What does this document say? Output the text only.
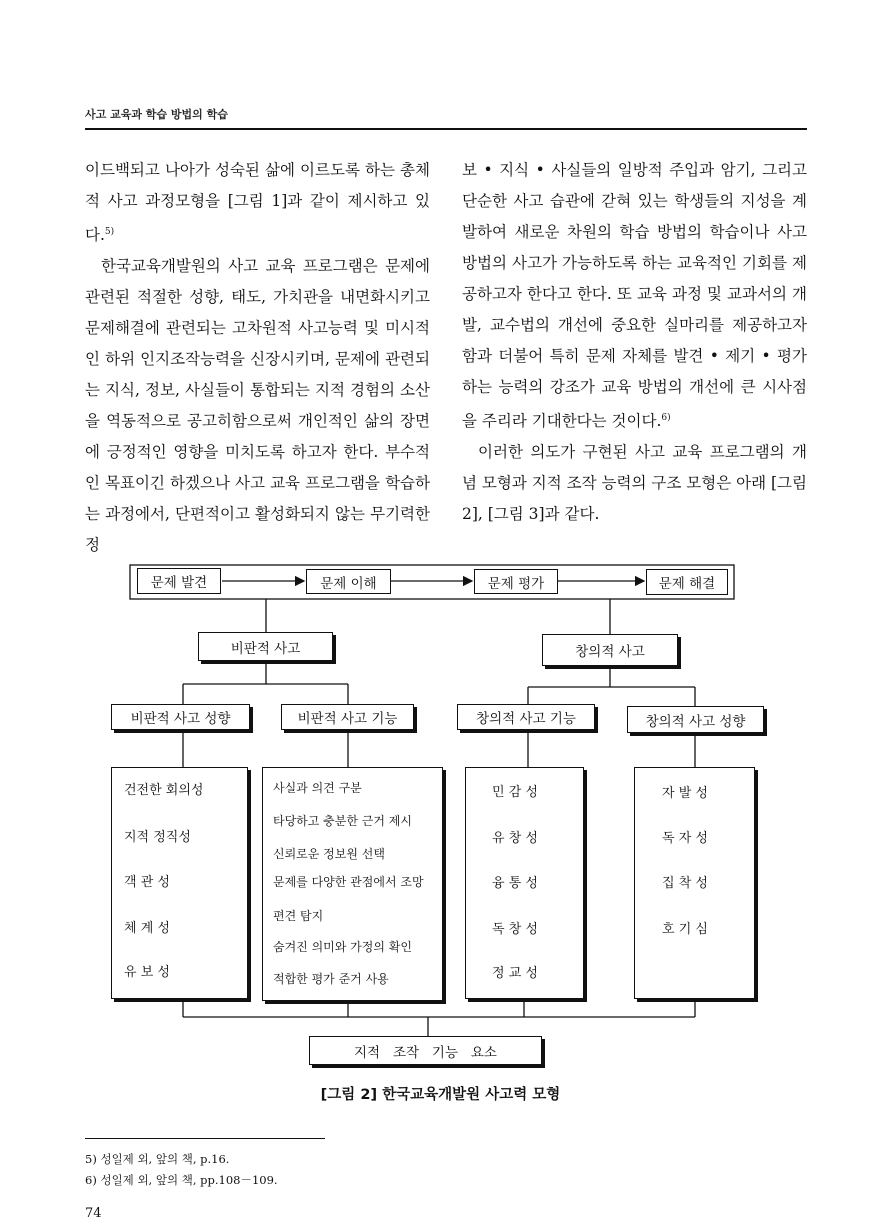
사고 교육과 학습 방법의 학습

이드백되고 나아가 성숙된 삶에 이르도록 하는 총체적 사고 과정모형을 [그림 1]과 같이 제시하고 있다.$^{5)}$

한국교육개발원의 사고 교육 프로그램은 문제에 관련된 적절한 성향, 태도, 가치관을 내면화시키고 문제해결에 관련되는 고차원적 사고능력 및 미시적인 하위 인지조작능력을 신장시키며, 문제에 관련되는 지식, 정보, 사실들이 통합되는 지적 경험의 소산을 역동적으로 공고히함으로써 개인적인 삶의 장면에 긍정적인 영향을 미치도록 하고자 한다. 부수적인 목표이긴 하겠으나 사고 교육 프로그램을 학습하는 과정에서, 단편적이고 활성화되지 않는 무기력한 정

보 • 지식 • 사실들의 일방적 주입과 암기, 그리고 단순한 사고 습관에 갇혀 있는 학생들의 지성을 계발하여 새로운 차원의 학습 방법의 학습이나 사고 방법의 사고가 가능하도록 하는 교육적인 기회를 제공하고자 한다고 한다. 또 교육 과정 및 교과서의 개발, 교수법의 개선에 중요한 실마리를 제공하고자 함과 더불어 특히 문제 자체를 발견 • 제기 • 평가하는 능력의 강조가 교육 방법의 개선에 큰 시사점을 주리라 기대한다는 것이다.$^{6)}$

이러한 의도가 구현된 사고 교육 프로그램의 개념 모형과 지적 조작 능력의 구조 모형은 아래 [그림 2], [그림 3]과 같다.

문제 발견	문제 이해	문제 평가	문제 해결
비판적 사고	창의적 사고
비판적 사고 성향	비판적 사고 기능	창의적 사고 기능	창의적 사고 성향
건전한 회의성
지적 정직성
객 관 성
체 계 성
유 보 성
사실과 의견 구분
타당하고 충분한 근거 제시
신뢰로운 정보원 선택
문제를 다양한 관점에서 조망
편견 탐지
숨겨진 의미와 가정의 확인
적합한 평가 준거 사용
민 감 성
유 창 성
융 통 성
독 창 성
정 교 성
자 발 성
독 자 성
집 착 성
호 기 심
지적   조작   기능   요소
[그림 2] 한국교육개발원 사고력 모형
5) 성일제 외, 앞의 책, p.16.
6) 성일제 외, 앞의 책, pp.108－109.
74
